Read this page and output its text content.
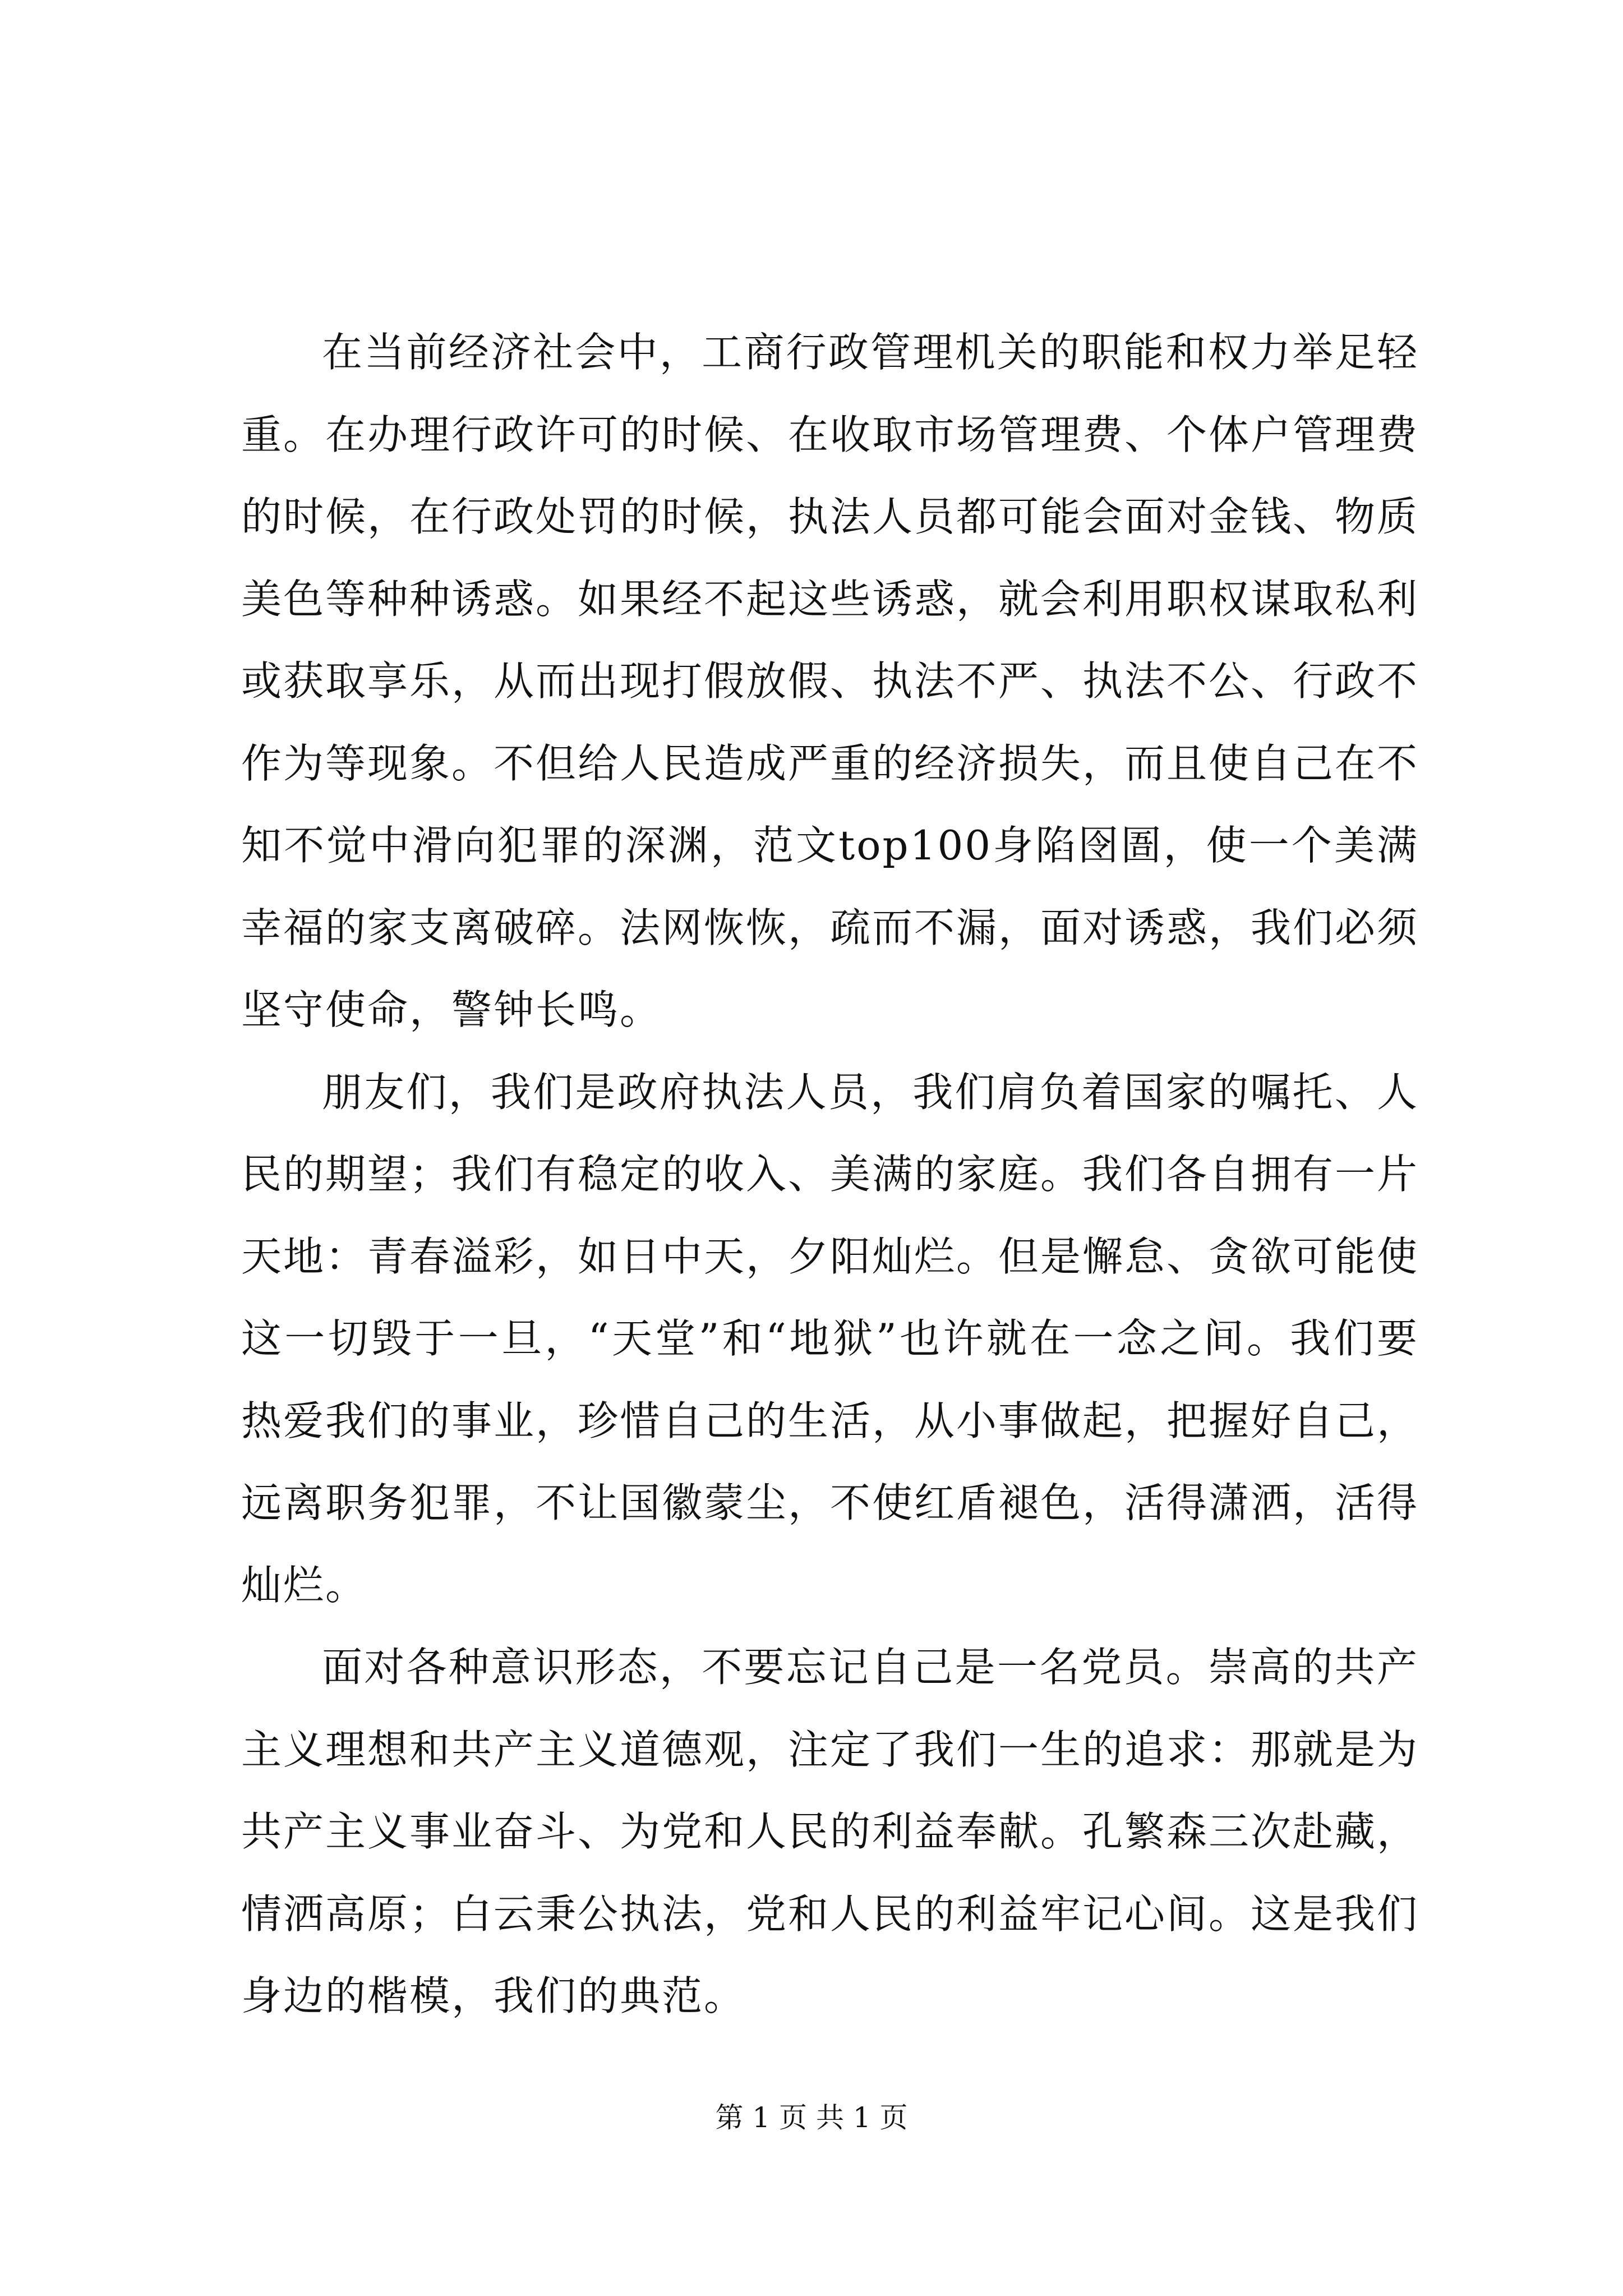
在当前经济社会中，工商行政管理机关的职能和权力举足轻重。在办理行政许可的时候、在收取市场管理费、个体户管理费的时候，在行政处罚的时候，执法人员都可能会面对金钱、物质美色等种种诱惑。如果经不起这些诱惑，就会利用职权谋取私利或获取享乐，从而出现打假放假、执法不严、执法不公、行政不作为等现象。不但给人民造成严重的经济损失，而且使自己在不知不觉中滑向犯罪的深渊，范文top100身陷囹圄，使一个美满幸福的家支离破碎。法网恢恢，疏而不漏，面对诱惑，我们必须坚守使命，警钟长鸣。

朋友们，我们是政府执法人员，我们肩负着国家的嘱托、人民的期望；我们有稳定的收入、美满的家庭。我们各自拥有一片天地：青春溢彩，如日中天，夕阳灿烂。但是懈怠、贪欲可能使这一切毁于一旦，“天堂”和“地狱”也许就在一念之间。我们要热爱我们的事业，珍惜自己的生活，从小事做起，把握好自己，远离职务犯罪，不让国徽蒙尘，不使红盾褪色，活得潇洒，活得灿烂。

面对各种意识形态，不要忘记自己是一名党员。崇高的共产主义理想和共产主义道德观，注定了我们一生的追求：那就是为共产主义事业奋斗、为党和人民的利益奉献。孔繁森三次赴藏，情洒高原；白云秉公执法，党和人民的利益牢记心间。这是我们身边的楷模，我们的典范。

第 1 页 共 1 页
